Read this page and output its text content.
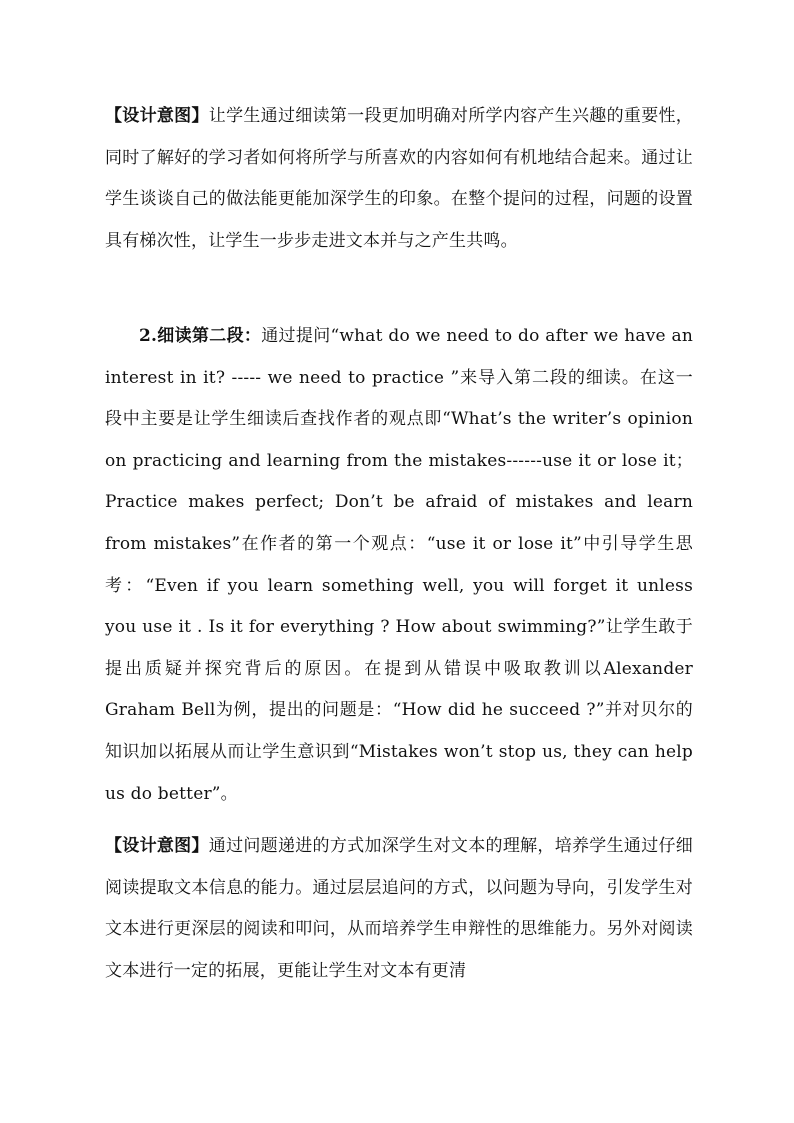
【设计意图】让学生通过细读第一段更加明确对所学内容产生兴趣的重要性，同时了解好的学习者如何将所学与所喜欢的内容如何有机地结合起来。通过让学生谈谈自己的做法能更能加深学生的印象。在整个提问的过程，问题的设置具有梯次性，让学生一步步走进文本并与之产生共鸣。

2.细读第二段：通过提问“what do we need to do after we have an interest in it? ----- we need to practice ”来导入第二段的细读。在这一段中主要是让学生细读后查找作者的观点即“What’s the writer’s opinion on practicing and learning from the mistakes------use it or lose it；Practice makes perfect; Don’t be afraid of mistakes and learn from mistakes”在作者的第一个观点：“use it or lose it”中引导学生思考：“Even if you learn something well, you will forget it unless you use it . Is it for everything ? How about swimming?”让学生敢于提出质疑并探究背后的原因。在提到从错误中吸取教训以Alexander Graham Bell为例，提出的问题是：“How did he succeed ?”并对贝尔的知识加以拓展从而让学生意识到“Mistakes won’t stop us, they can help us do better”。

【设计意图】通过问题递进的方式加深学生对文本的理解，培养学生通过仔细阅读提取文本信息的能力。通过层层追问的方式，以问题为导向，引发学生对文本进行更深层的阅读和叩问，从而培养学生申辩性的思维能力。另外对阅读文本进行一定的拓展，更能让学生对文本有更清
